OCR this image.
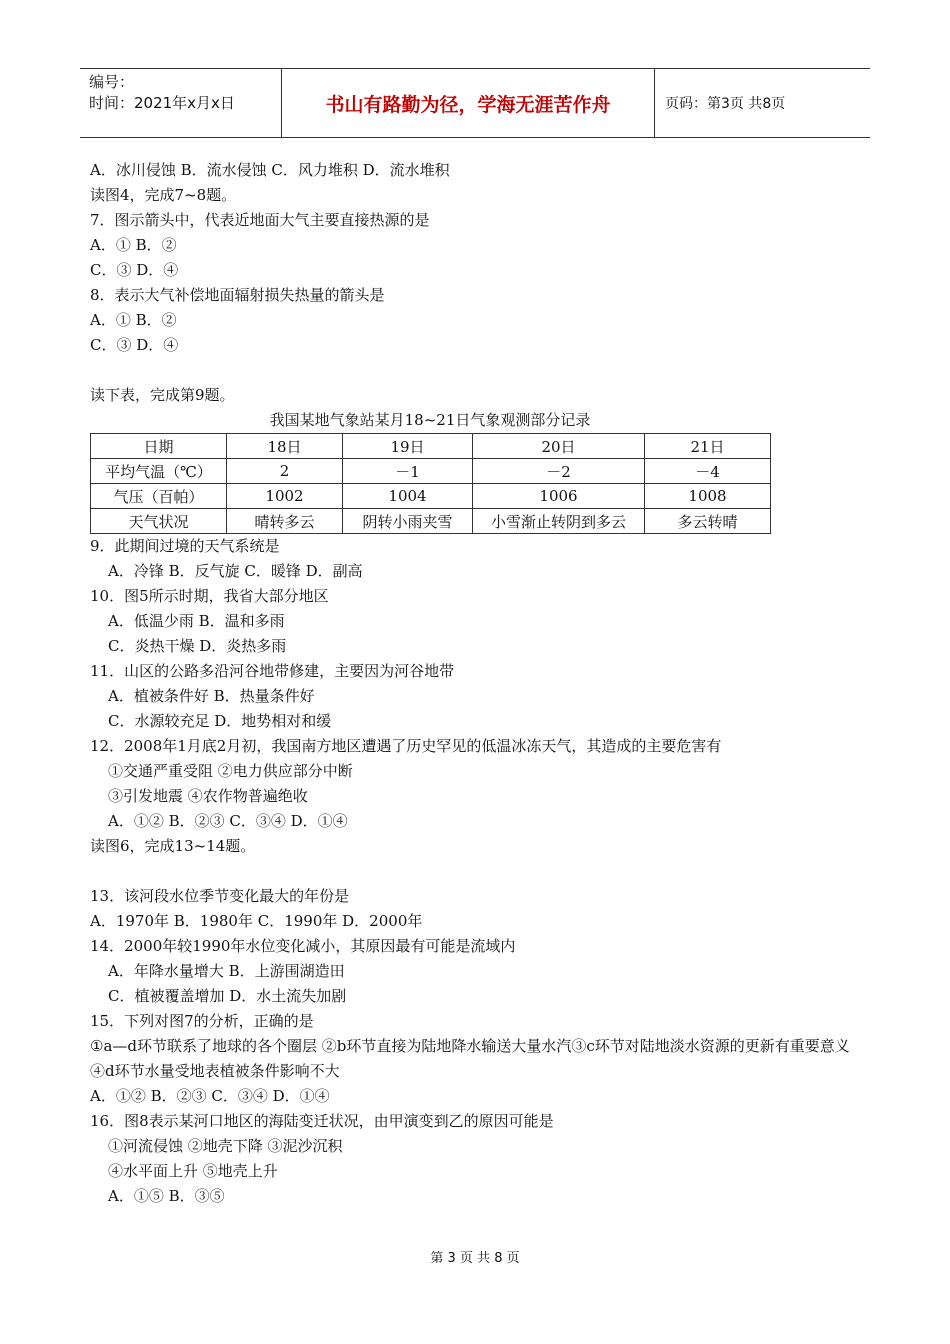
编号：
时间：2021年x月x日	书山有路勤为径，学海无涯苦作舟	页码：第3页 共8页
A．冰川侵蚀 B．流水侵蚀 C．风力堆积 D．流水堆积
读图4，完成7~8题。
7．图示箭头中，代表近地面大气主要直接热源的是
A．① B．②
C．③ D．④
8．表示大气补偿地面辐射损失热量的箭头是
A．① B．②
C．③ D．④
读下表，完成第9题。
我国某地气象站某月18~21日气象观测部分记录
日期	18日	19日	20日	21日
平均气温（℃）	2	－1	－2	－4
气压（百帕）	1002	1004	1006	1008
天气状况	晴转多云	阴转小雨夹雪	小雪渐止转阴到多云	多云转晴
9．此期间过境的天气系统是
A．冷锋 B．反气旋 C．暖锋 D．副高
10．图5所示时期，我省大部分地区
A．低温少雨 B．温和多雨
C．炎热干燥 D．炎热多雨
11．山区的公路多沿河谷地带修建，主要因为河谷地带
A．植被条件好 B．热量条件好
C．水源较充足 D．地势相对和缓
12．2008年1月底2月初，我国南方地区遭遇了历史罕见的低温冰冻天气，其造成的主要危害有
①交通严重受阻 ②电力供应部分中断
③引发地震 ④农作物普遍绝收
A．①② B．②③ C．③④ D．①④
读图6，完成13~14题。
13．该河段水位季节变化最大的年份是
A．1970年 B．1980年 C．1990年 D．2000年
14．2000年较1990年水位变化减小，其原因最有可能是流域内
A．年降水量增大 B．上游围湖造田
C．植被覆盖增加 D．水土流失加剧
15．下列对图7的分析，正确的是
①a—d环节联系了地球的各个圈层 ②b环节直接为陆地降水输送大量水汽③c环节对陆地淡水资源的更新有重要意义 ④d环节水量受地表植被条件影响不大
A．①② B．②③ C．③④ D．①④
16．图8表示某河口地区的海陆变迁状况，由甲演变到乙的原因可能是
①河流侵蚀 ②地壳下降 ③泥沙沉积
④水平面上升 ⑤地壳上升
A．①⑤ B．③⑤
第 3 页 共 8 页
